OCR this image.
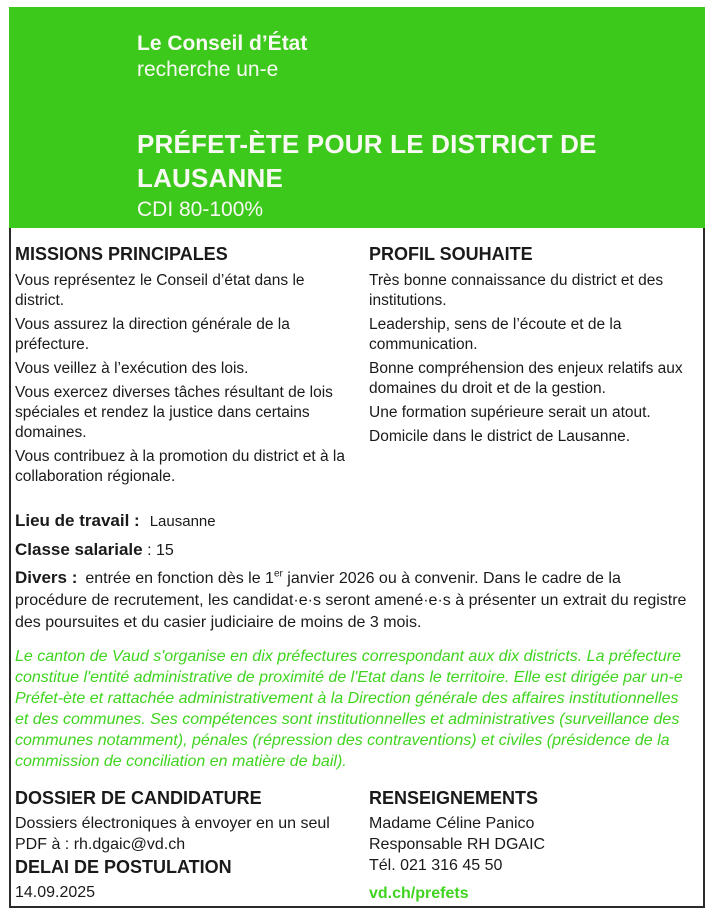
Le Conseil d’État
recherche un-e
PRÉFET-ÈTE POUR LE DISTRICT DE LAUSANNE
CDI 80-100%
MISSIONS PRINCIPALES

Vous représentez le Conseil d’état dans le district.

Vous assurez la direction générale de la préfecture.

Vous veillez à l’exécution des lois.

Vous exercez diverses tâches résultant de lois spéciales et rendez la justice dans certains domaines.

Vous contribuez à la promotion du district et à la collaboration régionale.

PROFIL SOUHAITE

Très bonne connaissance du district et des institutions.

Leadership, sens de l’écoute et de la communication.

Bonne compréhension des enjeux relatifs aux domaines du droit et de la gestion.

Une formation supérieure serait un atout.

Domicile dans le district de Lausanne.

Lieu de travail : Lausanne

Classe salariale : 15

Divers : entrée en fonction dès le 1er janvier 2026 ou à convenir. Dans le cadre de la procédure de recrutement, les candidat·e·s seront amené·e·s à présenter un extrait du registre des poursuites et du casier judiciaire de moins de 3 mois.

Le canton de Vaud s'organise en dix préfectures correspondant aux dix districts. La préfecture constitue l'entité administrative de proximité de l'Etat dans le territoire. Elle est dirigée par un-e Préfet-ète et rattachée administrativement à la Direction générale des affaires institutionnelles et des communes. Ses compétences sont institutionnelles et administratives (surveillance des communes notamment), pénales (répression des contraventions) et civiles (présidence de la commission de conciliation en matière de bail).

DOSSIER DE CANDIDATURE

Dossiers électroniques à envoyer en un seul PDF à : rh.dgaic@vd.ch

DELAI DE POSTULATION

14.09.2025

RENSEIGNEMENTS

Madame Céline Panico

Responsable RH DGAIC

Tél. 021 316 45 50

vd.ch/prefets
